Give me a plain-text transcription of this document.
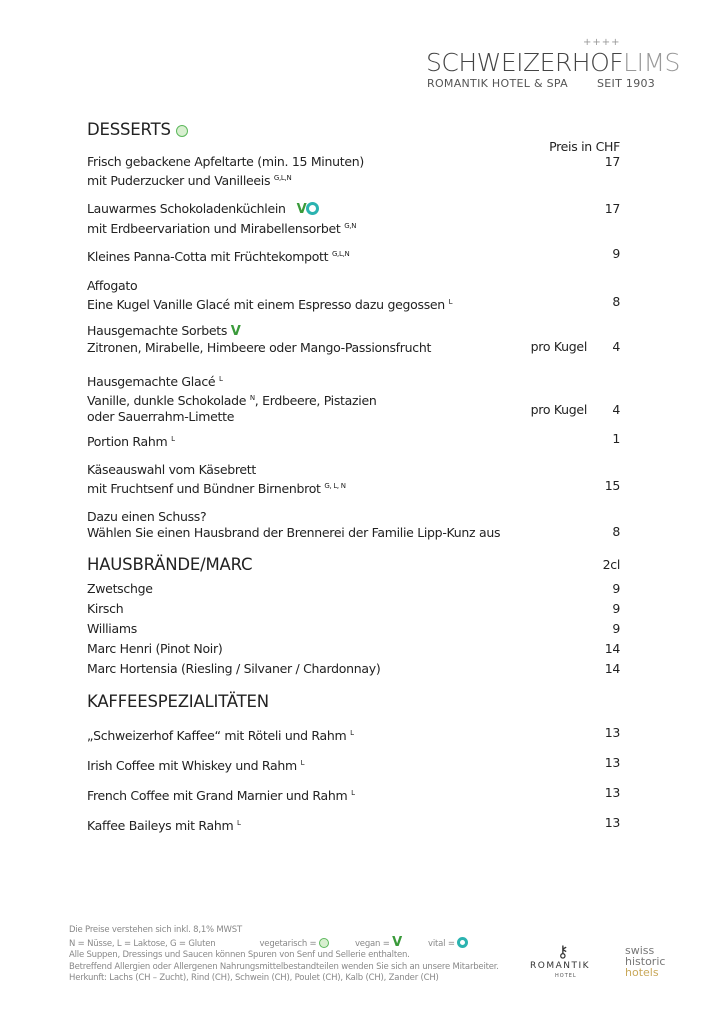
++++
SCHWEIZERHOFLIMS
ROMANTIK HOTEL & SPA	SEIT 1903
DESSERTS
Preis in CHF
Frisch gebackene Apfeltarte (min. 15 Minuten)
mit Puderzucker und Vanilleeis $^{G,L,N}$
17
Lauwarmes Schokoladenküchlein V
mit Erdbeervariation und Mirabellensorbet $^{G,N}$
17
Kleines Panna-Cotta mit Früchtekompott $^{G,L,N}$	9
Affogato
Eine Kugel Vanille Glacé mit einem Espresso dazu gegossen $^L$	8
Hausgemachte Sorbets V
Zitronen, Mirabelle, Himbeere oder Mango-Passionsfrucht	pro Kugel 4
Hausgemachte Glacé $^L$
Vanille, dunkle Schokolade $^N$, Erdbeere, Pistazien
oder Sauerrahm-Limette	pro Kugel 4
Portion Rahm $^L$	1
Käseauswahl vom Käsebrett
mit Fruchtsenf und Bündner Birnenbrot $^{G, L, N}$	15
Dazu einen Schuss?
Wählen Sie einen Hausbrand der Brennerei der Familie Lipp-Kunz aus	8
HAUSBRÄNDE/MARC	2cl
Zwetschge	9
Kirsch	9
Williams	9
Marc Henri (Pinot Noir)	14
Marc Hortensia (Riesling / Silvaner / Chardonnay)	14
KAFFEESPEZIALITÄTEN
„Schweizerhof Kaffee“ mit Röteli und Rahm $^L$	13
Irish Coffee mit Whiskey und Rahm $^L$	13
French Coffee mit Grand Marnier und Rahm $^L$	13
Kaffee Baileys mit Rahm $^L$	13
Die Preise verstehen sich inkl. 8,1% MWST
N = Nüsse, L = Laktose, G = Gluten	vegetarisch =	vegan = V	vital =
Alle Suppen, Dressings und Saucen können Spuren von Senf und Sellerie enthalten.
Betreffend Allergien oder Allergenen Nahrungsmittelbestandteilen wenden Sie sich an unsere Mitarbeiter.
Herkunft: Lachs (CH – Zucht), Rind (CH), Schwein (CH), Poulet (CH), Kalb (CH), Zander (CH)
⚷
ROMANTIK
HOTEL
swiss
historic
hotels
